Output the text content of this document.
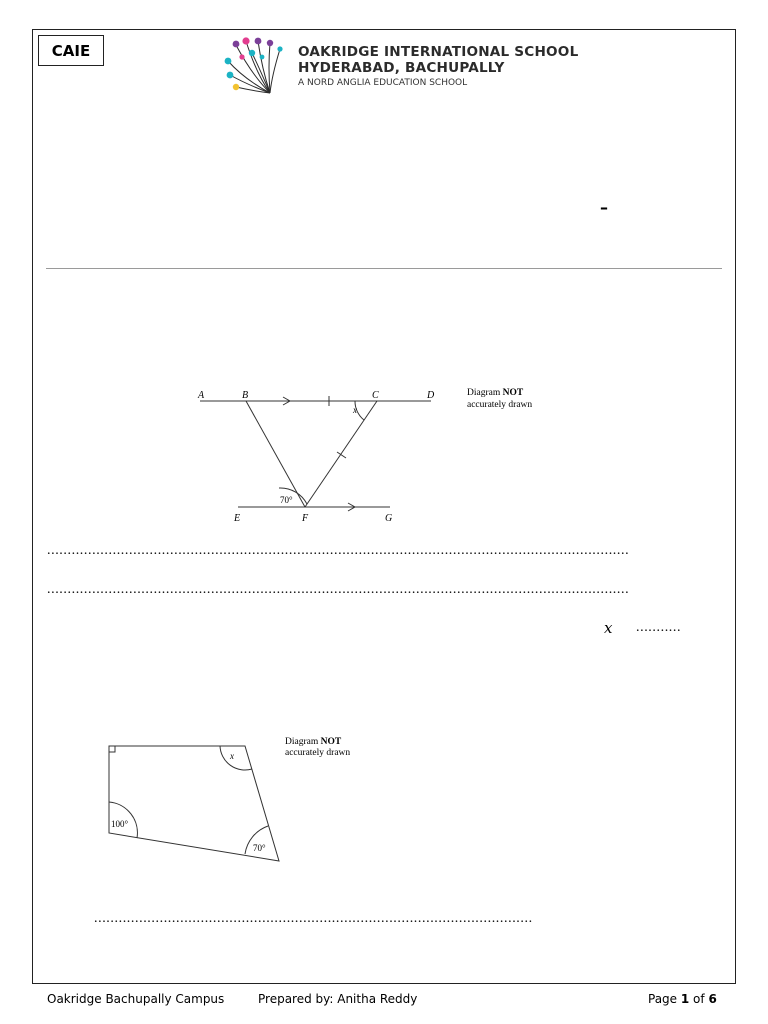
CAIE	OAKRIDGE INTERNATIONAL SCHOOL
HYDERABAD, BACHUPALLY
A NORD ANGLIA EDUCATION SCHOOL
–
A	B	C	D
E	F	G
x
70°
Diagram NOT
accurately drawn
..............................................................................................................................................
..............................................................................................................................................
x ...........
x
100°
70°
Diagram NOT
accurately drawn
...........................................................................................................
Oakridge Bachupally Campus	Prepared by: Anitha Reddy	Page 1 of 6
